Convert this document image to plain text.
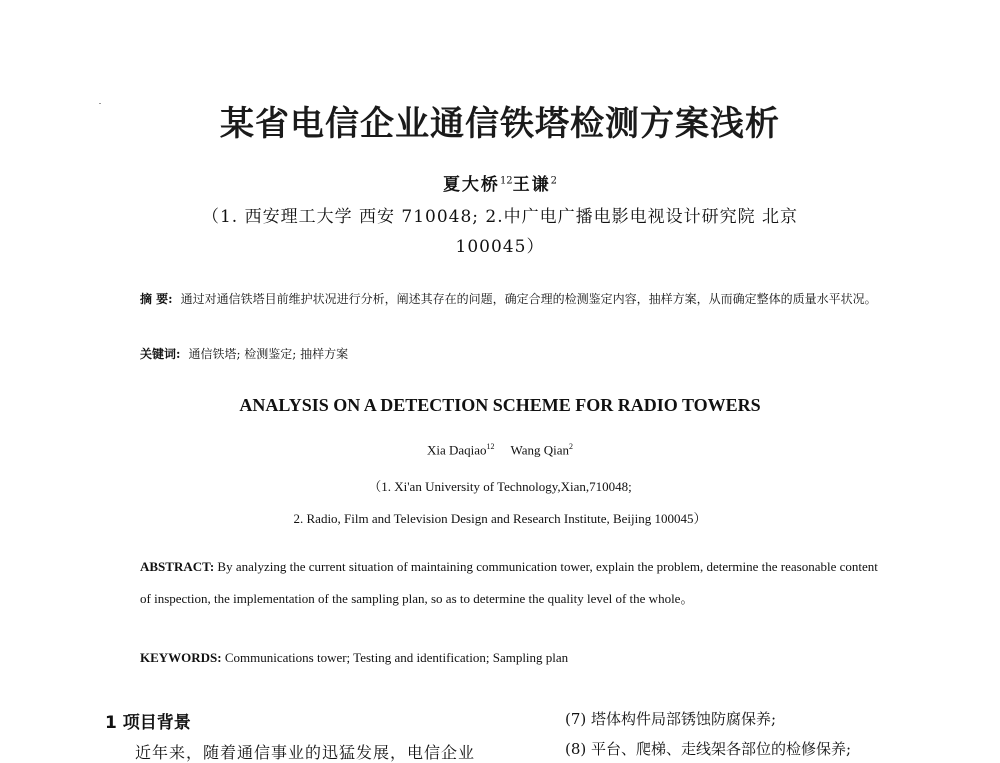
某省电信企业通信铁塔检测方案浅析
夏大桥$^{12}$王谦$^2$
（1. 西安理工大学 西安 710048; 2.中广电广播电影电视设计研究院 北京 100045）
摘 要: 通过对通信铁塔目前维护状况进行分析，阐述其存在的问题，确定合理的检测鉴定内容，抽样方案，从而确定整体的质量水平状况。
关键词: 通信铁塔; 检测鉴定; 抽样方案
ANALYSIS ON A DETECTION SCHEME FOR RADIO TOWERS
Xia Daqiao$^{12}$ Wang Qian$^2$
（1. Xi'an University of Technology,Xian,710048;
2. Radio, Film and Television Design and Research Institute, Beijing 100045）
ABSTRACT: By analyzing the current situation of maintaining communication tower, explain the problem, determine the reasonable content of inspection, the implementation of the sampling plan, so as to determine the quality level of the whole。
KEYWORDS: Communications tower; Testing and identification; Sampling plan
1 项目背景
近年来，随着通信事业的迅猛发展，电信企业
(7) 塔体构件局部锈蚀防腐保养;
(8) 平台、爬梯、走线架各部位的检修保养;
